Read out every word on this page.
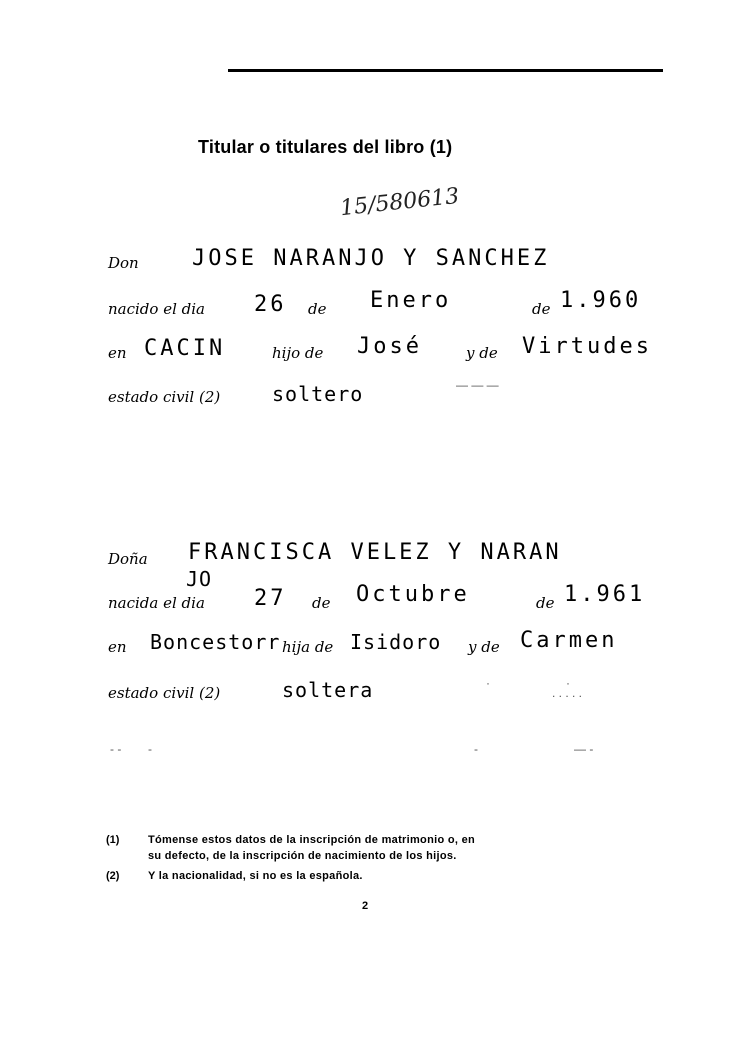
Titular o titulares del libro (1)
15/580613
Don JOSE NARANJO Y SANCHEZ
nacido el dia 26 de Enero	de 1.960
en CACIN	hijo de José	y de Virtudes
estado civil (2)	soltero	— — —
Doña FRANCISCA VELEZ Y NARAN
JO
nacida el dia 27 de Octubre	de 1.961
en Boncestorr hija de Isidoro y de Carmen
estado civil (2)	soltera	·	·
. . . . .
- - -	-	— -
(1)	Tómense estos datos de la inscripción de matrimonio o, en
su defecto, de la inscripción de nacimiento de los hijos.
(2)	Y la nacionalidad, si no es la española.
2
